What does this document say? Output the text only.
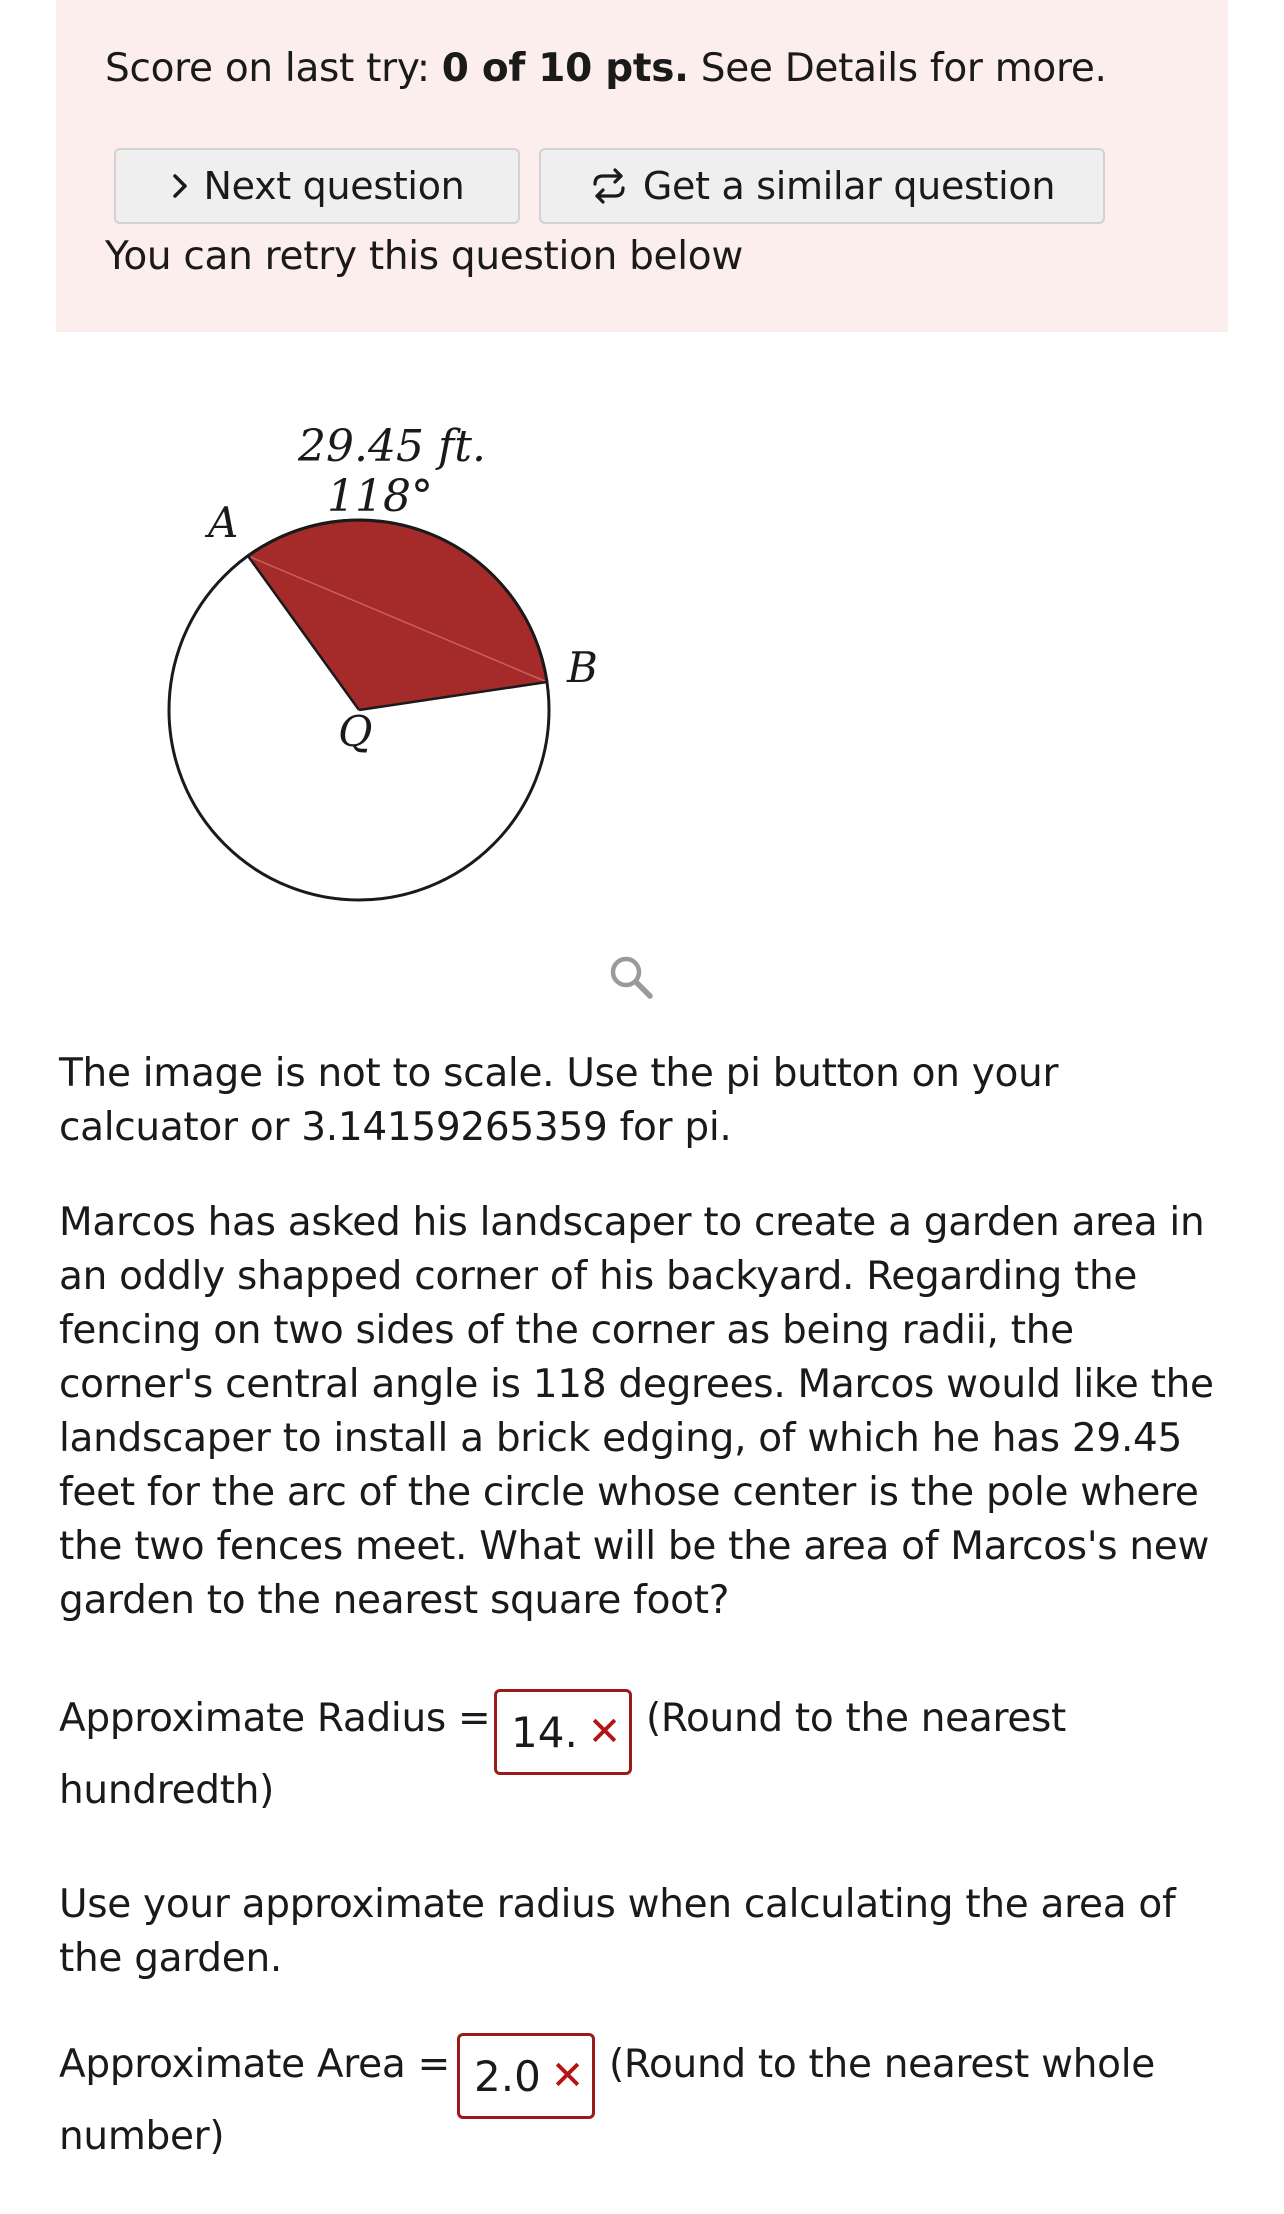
Score on last try: 0 of 10 pts. See Details for more.
Next question	Get a similar question
You can retry this question below
29.45 ft.
118°
A
B
Q

The image is not to scale. Use the pi button on your calcuator or 3.14159265359 for pi.

Marcos has asked his landscaper to create a garden area in an oddly shapped corner of his backyard. Regarding the fencing on two sides of the corner as being radii, the corner's central angle is 118 degrees. Marcos would like the landscaper to install a brick edging, of which he has 29.45 feet for the arc of the circle whose center is the pole where the two fences meet. What will be the area of Marcos's new garden to the nearest square foot?

Approximate Radius = 14. ✕ (Round to the nearest
hundredth)

Use your approximate radius when calculating the area of the garden.

Approximate Area = 2.0 ✕ (Round to the nearest whole
number)
